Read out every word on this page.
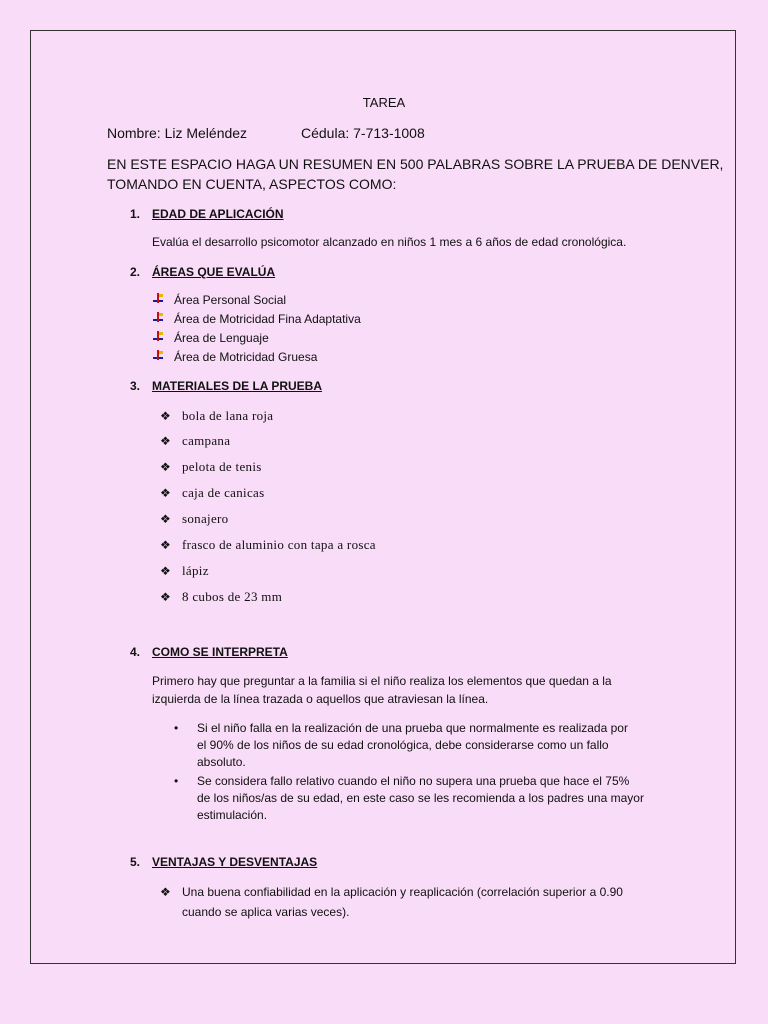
TAREA
Nombre: Liz Meléndez	Cédula: 7-713-1008
EN ESTE ESPACIO HAGA UN RESUMEN EN 500 PALABRAS SOBRE LA PRUEBA DE DENVER,
TOMANDO EN CUENTA, ASPECTOS COMO:
1. EDAD DE APLICACIÓN
Evalúa el desarrollo psicomotor alcanzado en niños 1 mes a 6 años de edad cronológica.
2. ÁREAS QUE EVALÚA
Área Personal Social
Área de Motricidad Fina Adaptativa
Área de Lenguaje
Área de Motricidad Gruesa
3. MATERIALES DE LA PRUEBA
❖ bola de lana roja
❖ campana
❖ pelota de tenis
❖ caja de canicas
❖ sonajero
❖ frasco de aluminio con tapa a rosca
❖ lápiz
❖ 8 cubos de 23 mm
4. COMO SE INTERPRETA
Primero hay que preguntar a la familia si el niño realiza los elementos que quedan a la
izquierda de la línea trazada o aquellos que atraviesan la línea.
• Si el niño falla en la realización de una prueba que normalmente es realizada por
el 90% de los niños de su edad cronológica, debe considerarse como un fallo
absoluto.
• Se considera fallo relativo cuando el niño no supera una prueba que hace el 75%
de los niños/as de su edad, en este caso se les recomienda a los padres una mayor
estimulación.
5. VENTAJAS Y DESVENTAJAS
❖ Una buena confiabilidad en la aplicación y reaplicación (correlación superior a 0.90
cuando se aplica varias veces).
